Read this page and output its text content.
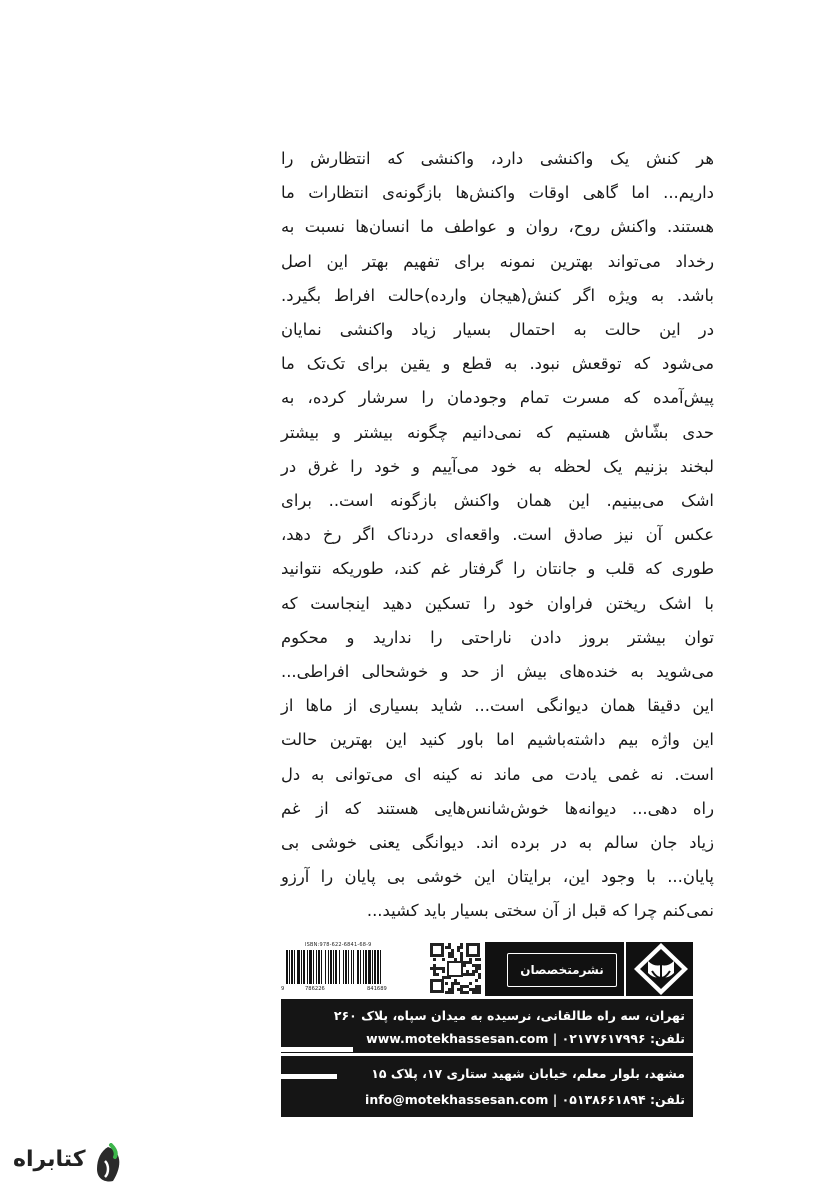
هر کنش یک واکنشی دارد، واکنشی که انتظارش را
داریم... اما گاهی اوقات واکنش‌ها بازگونه‌ی انتظارات ما
هستند. واکنش روح، روان و عواطف ما انسان‌ها نسبت به
رخداد می‌تواند بهترین نمونه برای تفهیم بهتر این اصل
باشد. به ویژه اگر کنش(هیجان وارده)حالت افراط بگیرد.
در این حالت به احتمال بسیار زیاد واکنشی نمایان
می‌شود که توقعش نبود. به قطع و یقین برای تک‌تک ما
پیش‌آمده که مسرت تمام وجودمان را سرشار کرده، به
حدی بشّاش هستیم که نمی‌دانیم چگونه بیشتر و بیشتر
لبخند بزنیم یک لحظه به خود می‌آییم و خود را غرق در
اشک می‌بینیم. این همان واکنش بازگونه است.. برای
عکس آن نیز صادق است. واقعه‌ای دردناک اگر رخ دهد،
طوری که قلب و جانتان را گرفتار غم کند، طوریکه نتوانید
با اشک ریختن فراوان خود را تسکین دهید اینجاست که
توان بیشتر بروز دادن ناراحتی را ندارید و محکوم
می‌شوید به خنده‌های بیش از حد و خوشحالی افراطی...
این دقیقا همان دیوانگی است... شاید بسیاری از ماها از
این واژه بیم داشته‌باشیم اما باور کنید این بهترین حالت
است. نه غمی یادت می ماند نه کینه ای می‌توانی به دل
راه دهی... دیوانه‌ها خوش‌شانس‌هایی هستند که از غم
زیاد جان سالم به در برده اند. دیوانگی یعنی خوشی بی
پایان... با وجود این، برایتان این خوشی بی پایان را آرزو
نمی‌کنم چرا که قبل از آن سختی بسیار باید کشید...
ISBN:978-622-6841-68-9
9	786226	841689
نشرمتخصصان
تهران، سه راه طالقانی، نرسیده به میدان سپاه، پلاک ۲۶۰
تلفن: ۰۲۱۷۷۶۱۷۹۹۶ | www.motekhassesan.com
مشهد، بلوار معلم، خیابان شهید ستاری ۱۷، پلاک ۱۵
تلفن: ۰۵۱۳۸۶۶۱۸۹۴ | info@motekhassesan.com
کتابراه
